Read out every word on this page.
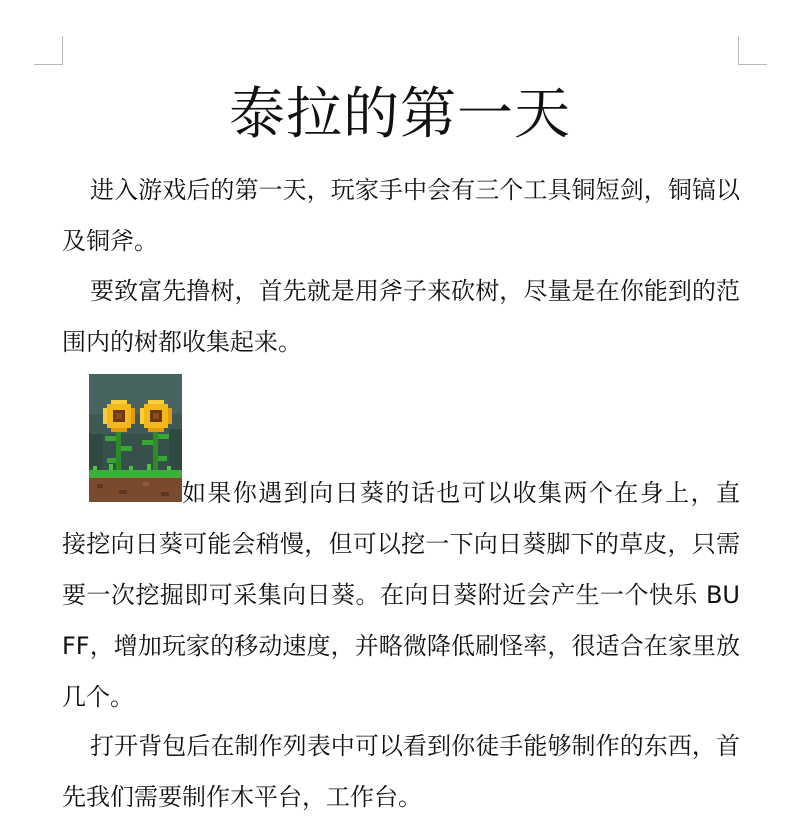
泰拉的第一天

进入游戏后的第一天，玩家手中会有三个工具铜短剑，铜镐以及铜斧。

要致富先撸树，首先就是用斧子来砍树，尽量是在你能到的范围内的树都收集起来。

如果你遇到向日葵的话也可以收集两个在身上，直
接挖向日葵可能会稍慢，但可以挖一下向日葵脚下的草皮，只需要一次挖掘即可采集向日葵。在向日葵附近会产生一个快乐 BUFF，增加玩家的移动速度，并略微降低刷怪率，很适合在家里放几个。

打开背包后在制作列表中可以看到你徒手能够制作的东西，首先我们需要制作木平台，工作台。
